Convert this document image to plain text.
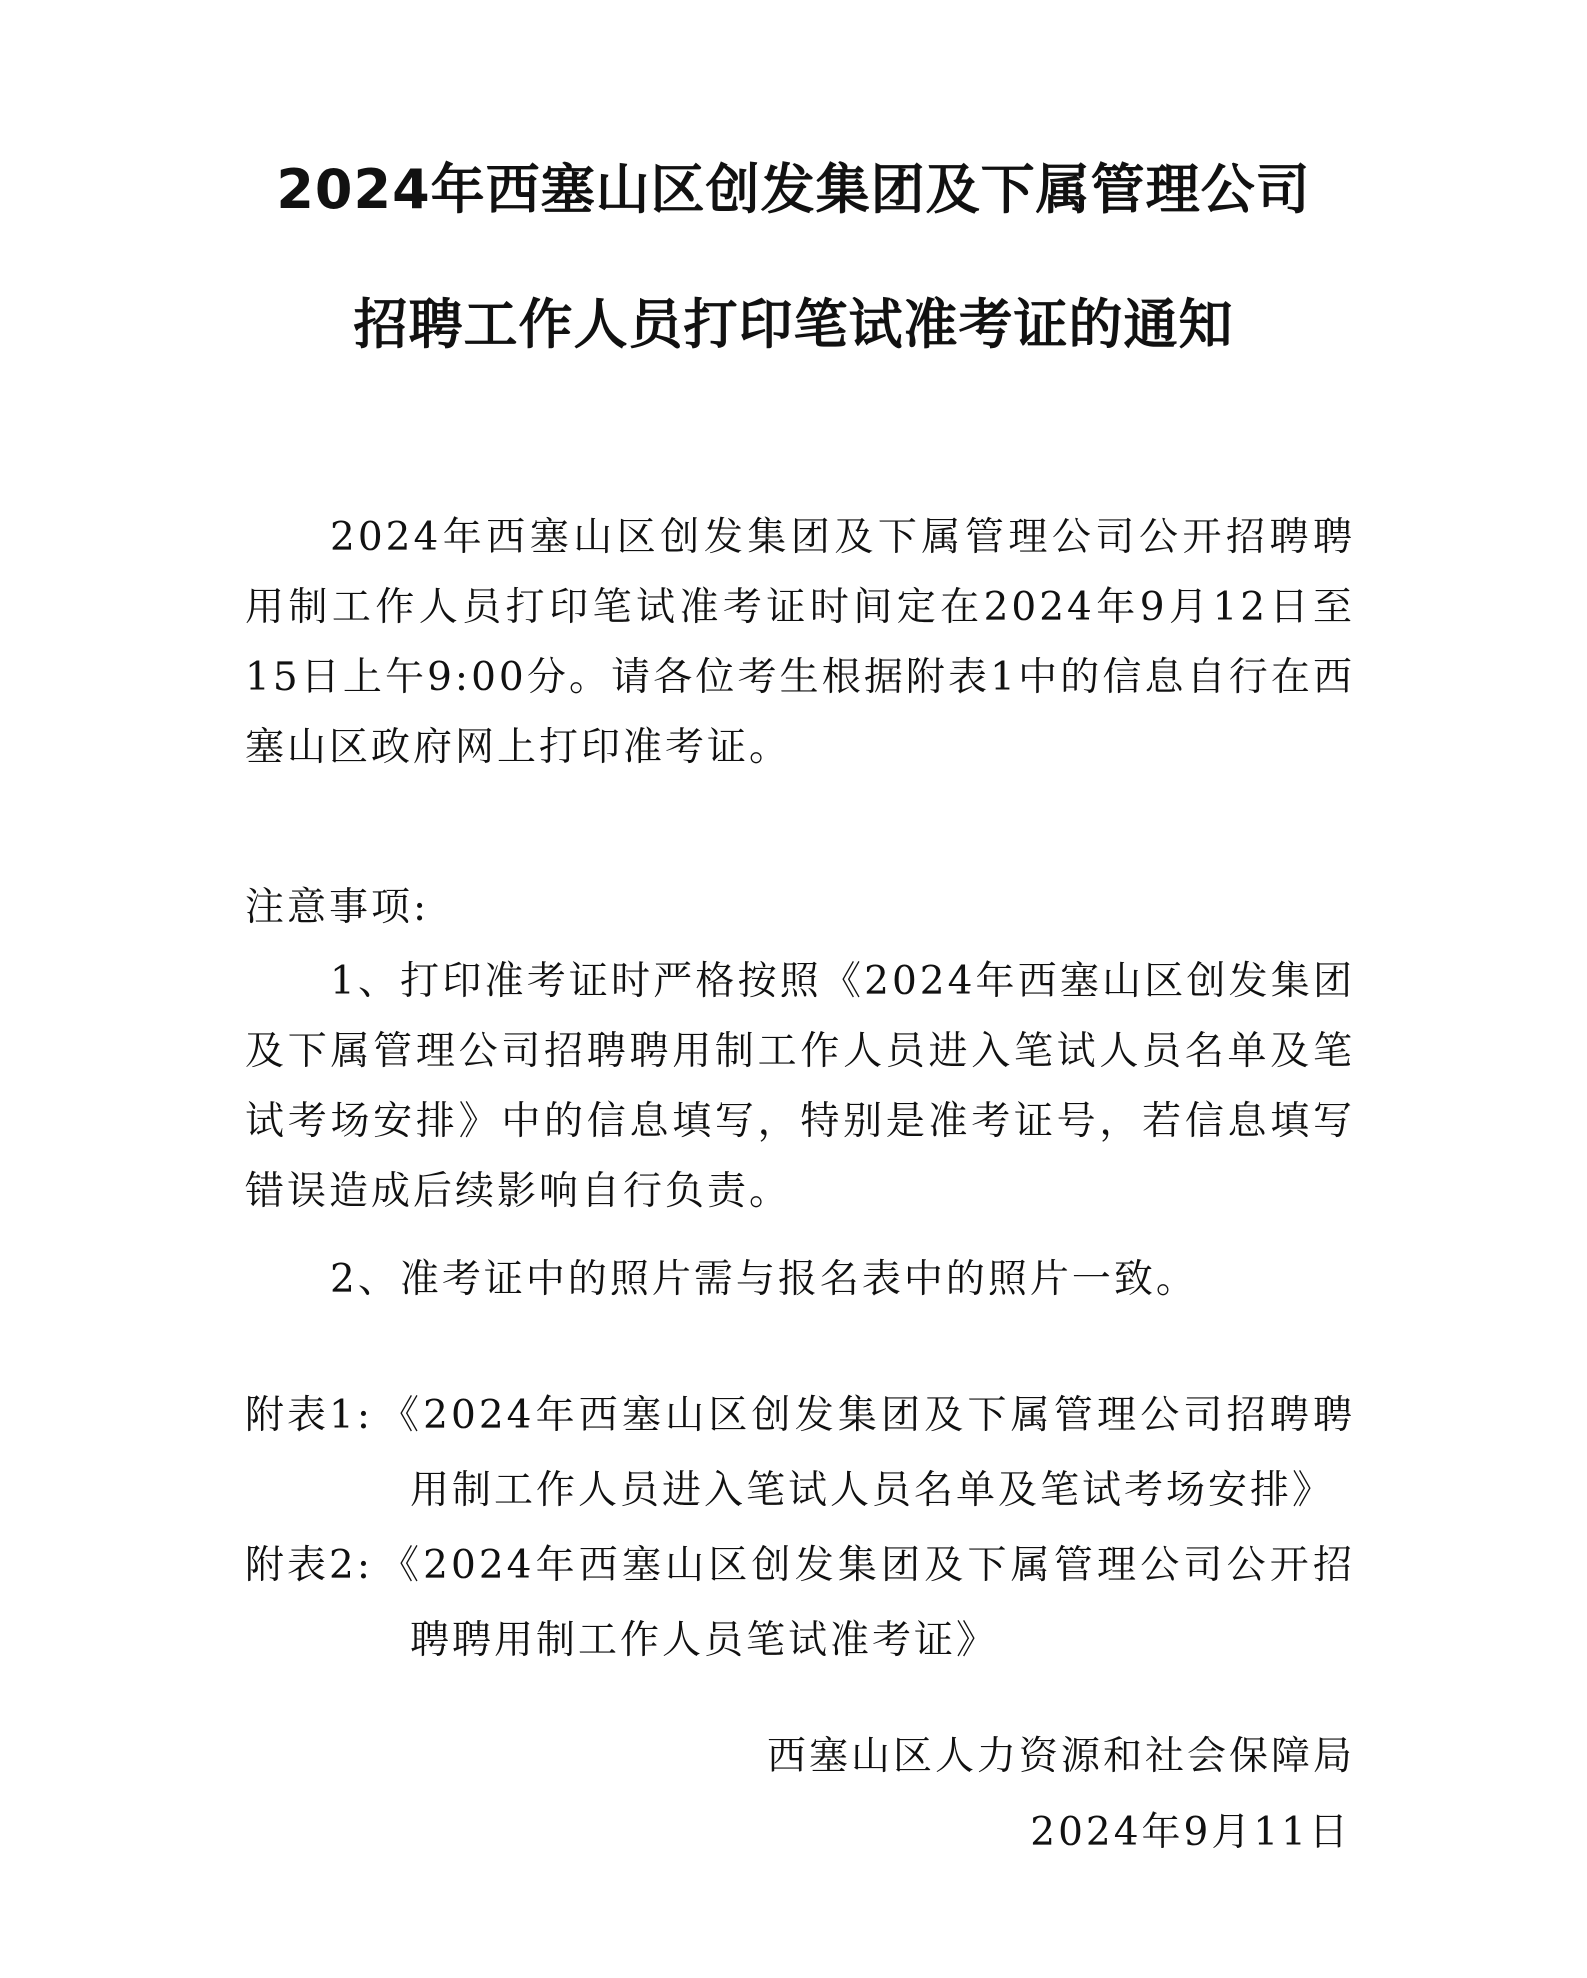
2024年西塞山区创发集团及下属管理公司
招聘工作人员打印笔试准考证的通知
2024年西塞山区创发集团及下属管理公司公开招聘聘用制工作人员打印笔试准考证时间定在2024年9月12日至15日上午9:00分。请各位考生根据附表1中的信息自行在西塞山区政府网上打印准考证。
注意事项:
1、打印准考证时严格按照《2024年西塞山区创发集团及下属管理公司招聘聘用制工作人员进入笔试人员名单及笔试考场安排》中的信息填写，特别是准考证号，若信息填写错误造成后续影响自行负责。
2、准考证中的照片需与报名表中的照片一致。
附表1: 《2024年西塞山区创发集团及下属管理公司招聘聘用制工作人员进入笔试人员名单及笔试考场安排》
附表2: 《2024年西塞山区创发集团及下属管理公司公开招聘聘用制工作人员笔试准考证》
西塞山区人力资源和社会保障局
2024年9月11日
